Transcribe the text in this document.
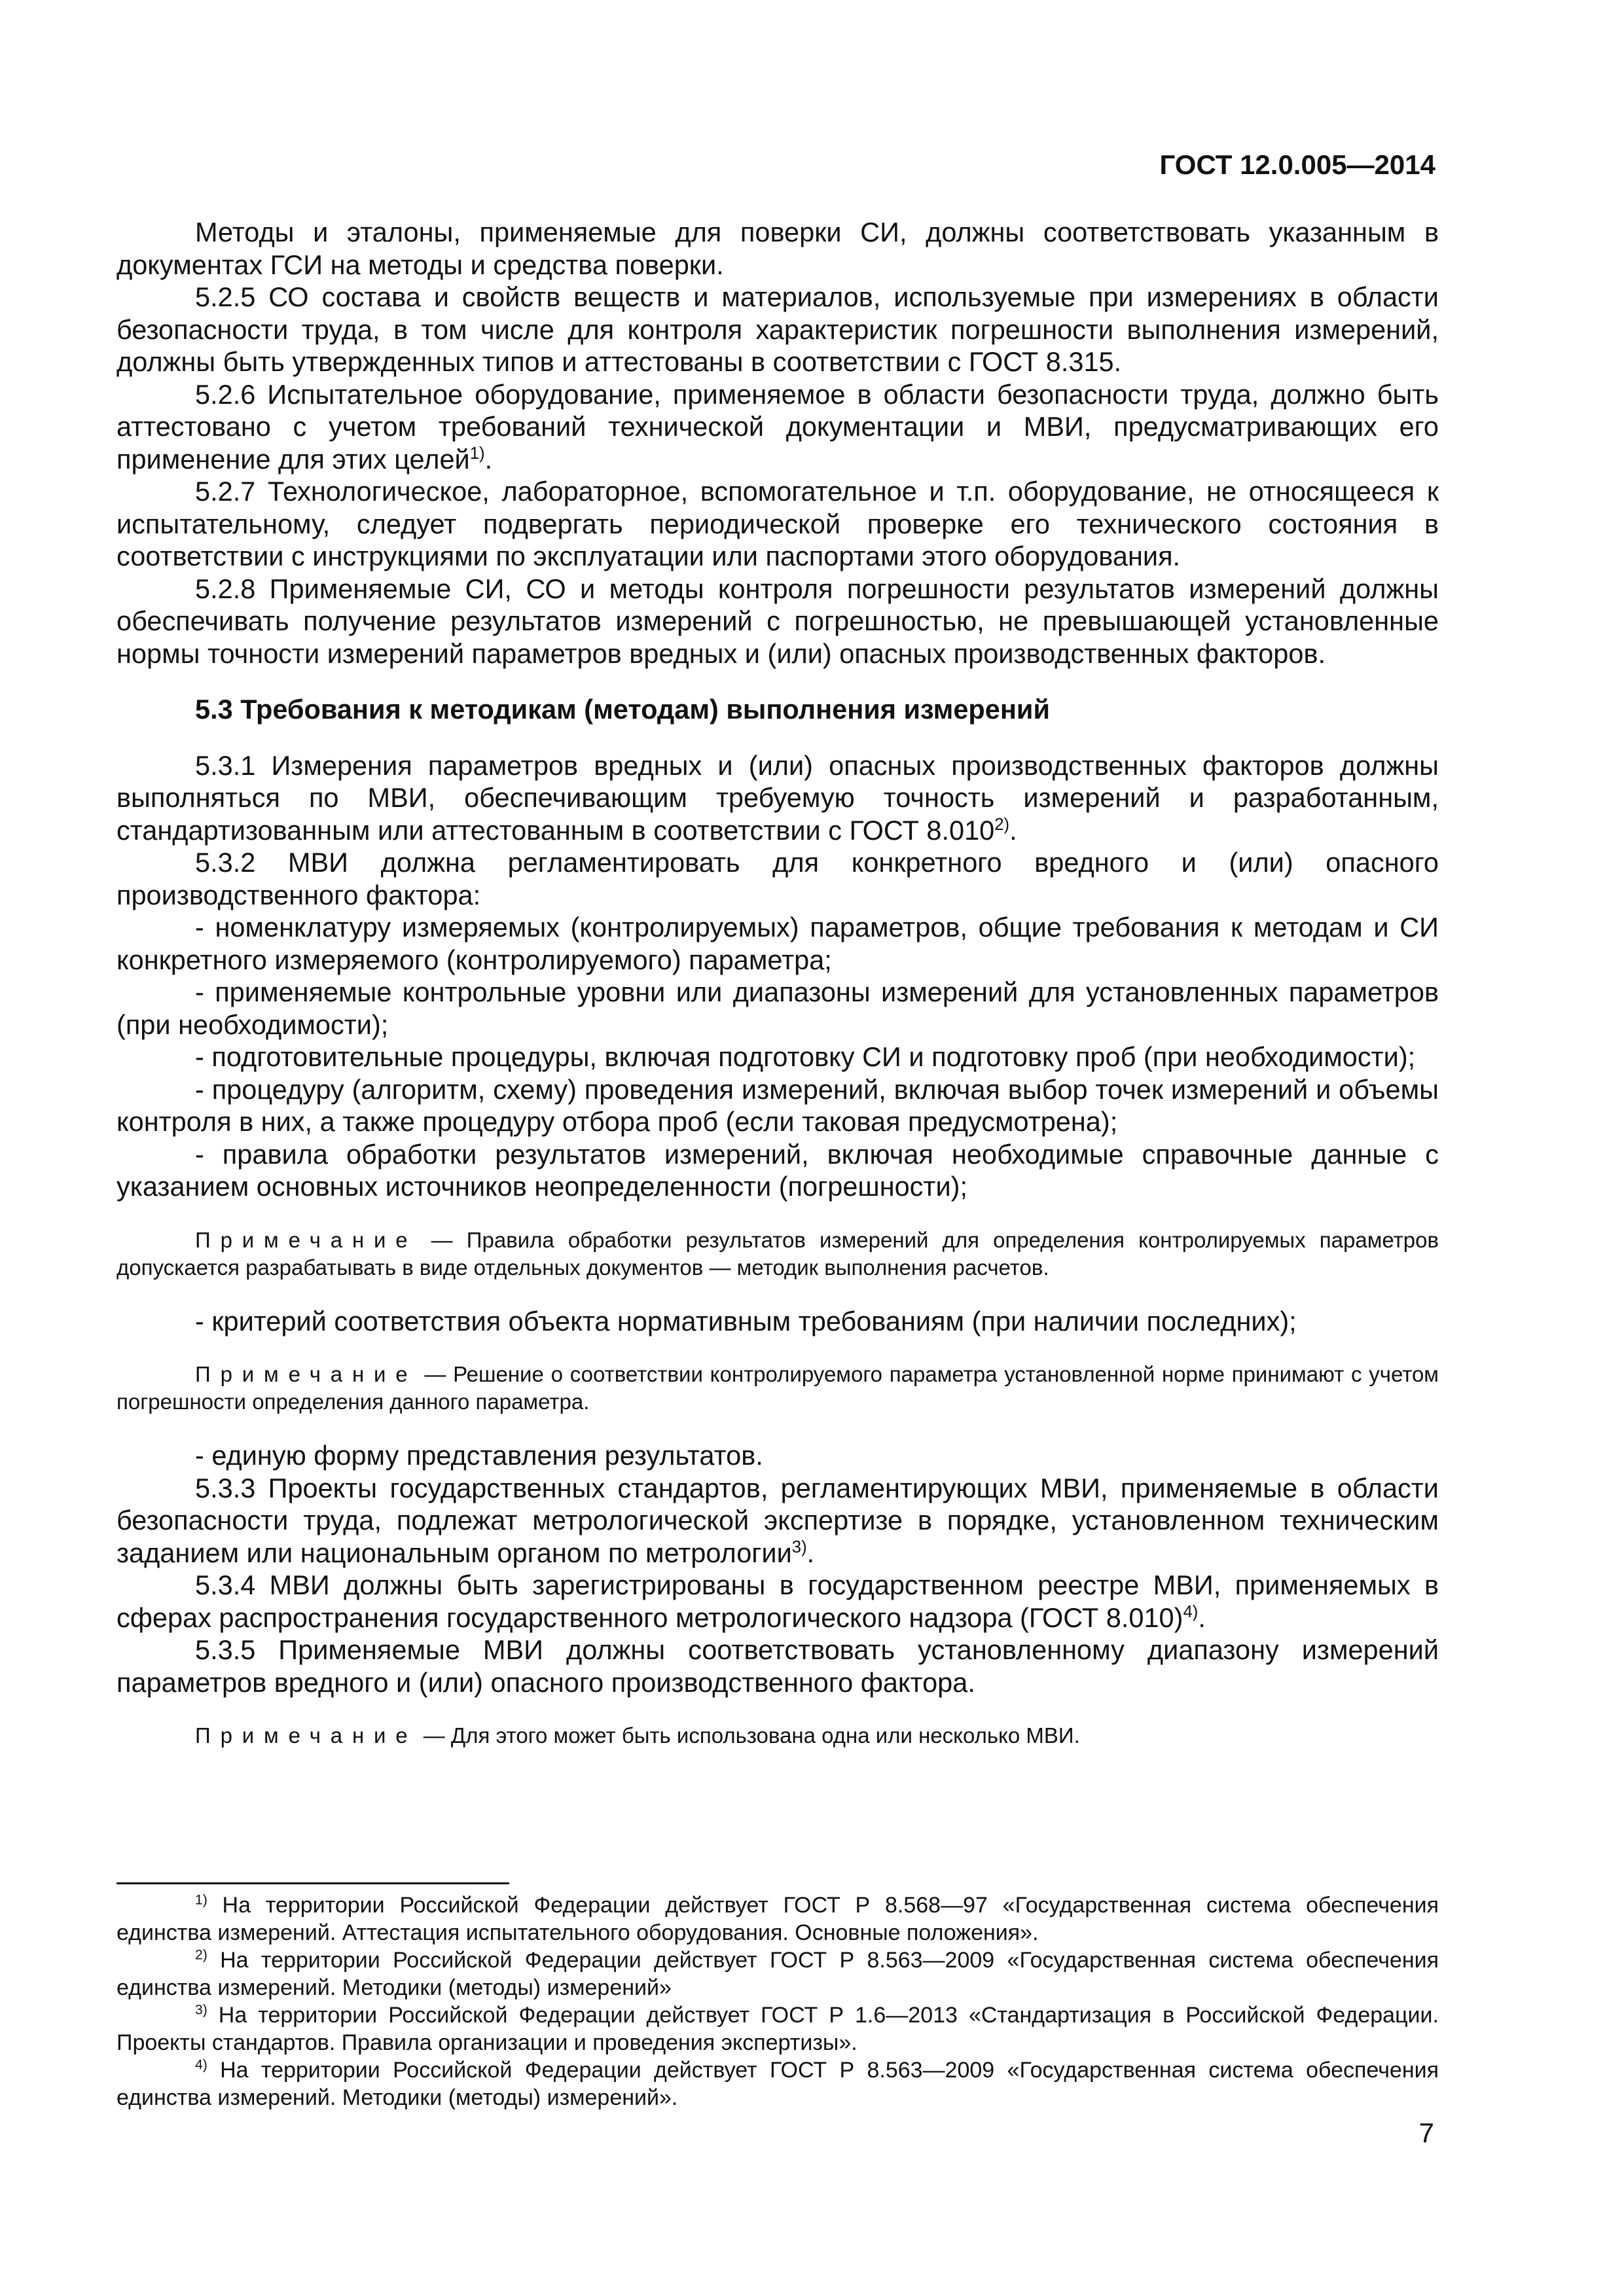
ГОСТ 12.0.005—2014

Методы и эталоны, применяемые для поверки СИ, должны соответствовать указанным в документах ГСИ на методы и средства поверки.

5.2.5 СО состава и свойств веществ и материалов, используемые при измерениях в области безопасности труда, в том числе для контроля характеристик погрешности выполнения измерений, должны быть утвержденных типов и аттестованы в соответствии с ГОСТ 8.315.

5.2.6 Испытательное оборудование, применяемое в области безопасности труда, должно быть аттестовано с учетом требований технической документации и МВИ, предусматривающих его применение для этих целей$^{1)}$.

5.2.7 Технологическое, лабораторное, вспомогательное и т.п. оборудование, не относящееся к испытательному, следует подвергать периодической проверке его технического состояния в соответствии с инструкциями по эксплуатации или паспортами этого оборудования.

5.2.8 Применяемые СИ, СО и методы контроля погрешности результатов измерений должны обеспечивать получение результатов измерений с погрешностью, не превышающей установленные нормы точности измерений параметров вредных и (или) опасных производственных факторов.

5.3 Требования к методикам (методам) выполнения измерений

5.3.1 Измерения параметров вредных и (или) опасных производственных факторов должны выполняться по МВИ, обеспечивающим требуемую точность измерений и разработанным, стандартизованным или аттестованным в соответствии с ГОСТ 8.010$^{2)}$.

5.3.2 МВИ должна регламентировать для конкретного вредного и (или) опасного производственного фактора:

- номенклатуру измеряемых (контролируемых) параметров, общие требования к методам и СИ конкретного измеряемого (контролируемого) параметра;

- применяемые контрольные уровни или диапазоны измерений для установленных параметров (при необходимости);

- подготовительные процедуры, включая подготовку СИ и подготовку проб (при необходимости);

- процедуру (алгоритм, схему) проведения измерений, включая выбор точек измерений и объемы контроля в них, а также процедуру отбора проб (если таковая предусмотрена);

- правила обработки результатов измерений, включая необходимые справочные данные с указанием основных источников неопределенности (погрешности);

Примечание — Правила обработки результатов измерений для определения контролируемых параметров допускается разрабатывать в виде отдельных документов — методик выполнения расчетов.

- критерий соответствия объекта нормативным требованиям (при наличии последних);

Примечание — Решение о соответствии контролируемого параметра установленной норме принимают с учетом погрешности определения данного параметра.

- единую форму представления результатов.

5.3.3 Проекты государственных стандартов, регламентирующих МВИ, применяемые в области безопасности труда, подлежат метрологической экспертизе в порядке, установленном техническим заданием или национальным органом по метрологии$^{3)}$.

5.3.4 МВИ должны быть зарегистрированы в государственном реестре МВИ, применяемых в сферах распространения государственного метрологического надзора (ГОСТ 8.010)$^{4)}$.

5.3.5 Применяемые МВИ должны соответствовать установленному диапазону измерений параметров вредного и (или) опасного производственного фактора.

Примечание — Для этого может быть использована одна или несколько МВИ.

$^{1)}$ На территории Российской Федерации действует ГОСТ Р 8.568—97 «Государственная система обеспечения единства измерений. Аттестация испытательного оборудования. Основные положения».

$^{2)}$ На территории Российской Федерации действует ГОСТ Р 8.563—2009 «Государственная система обеспечения единства измерений. Методики (методы) измерений»

$^{3)}$ На территории Российской Федерации действует ГОСТ Р 1.6—2013 «Стандартизация в Российской Федерации. Проекты стандартов. Правила организации и проведения экспертизы».

$^{4)}$ На территории Российской Федерации действует ГОСТ Р 8.563—2009 «Государственная система обеспечения единства измерений. Методики (методы) измерений».

7
